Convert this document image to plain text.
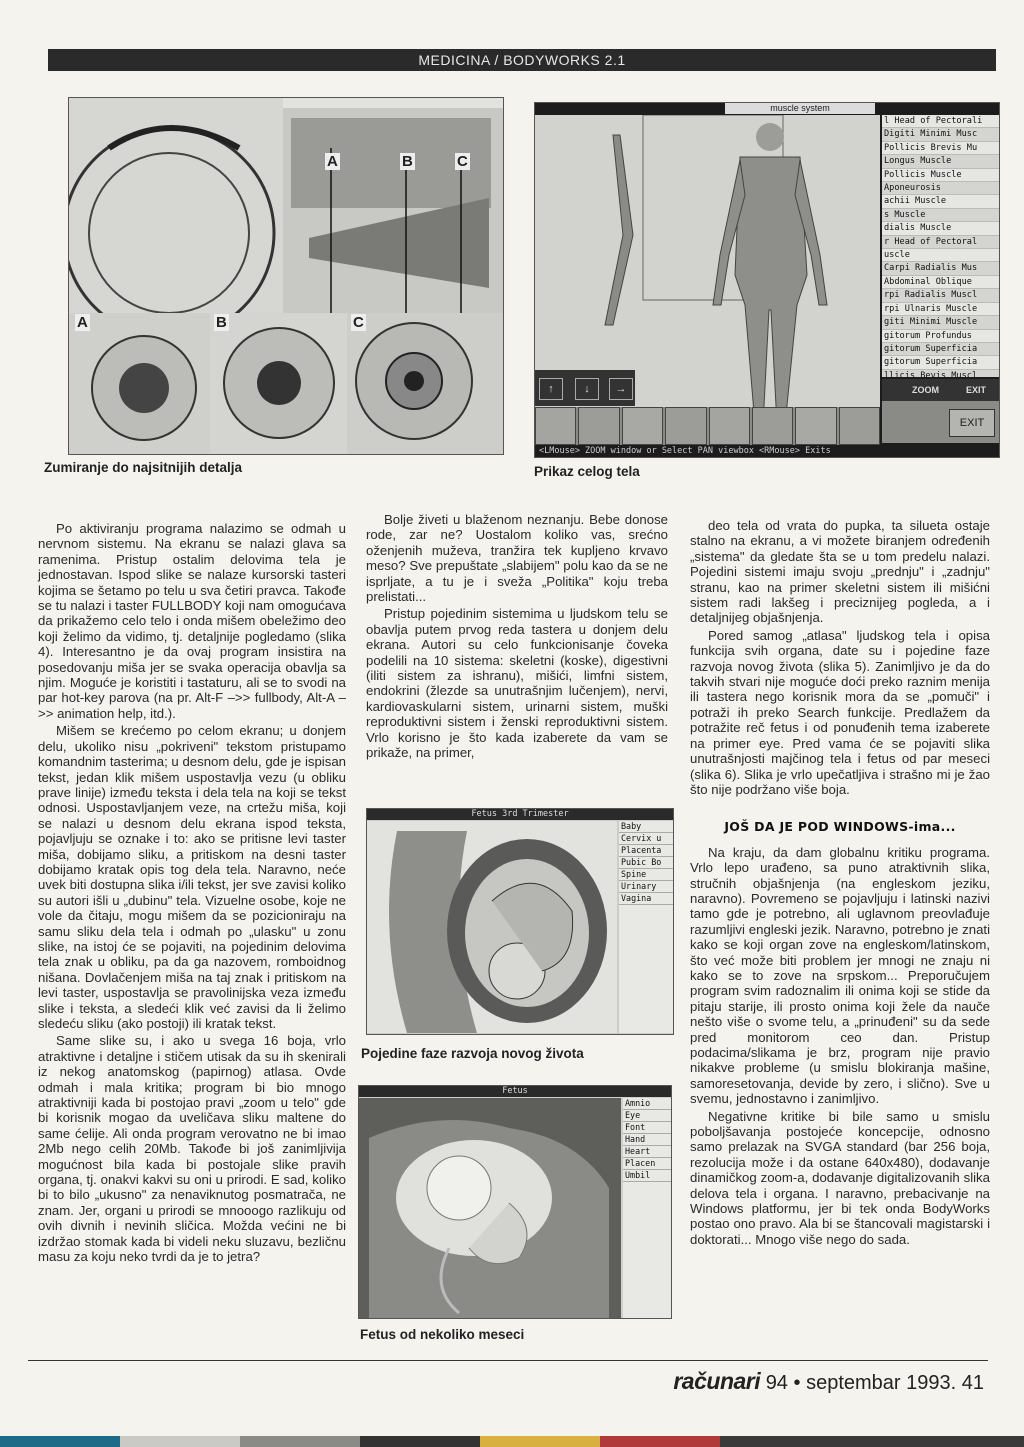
MEDICINA / BODYWORKS 2.1
A	B	C
A	B	C
Zumiranje do najsitnijih detalja
muscle system
↑	↓	→
l Head of Pectorali
Digiti Minimi Musc
Pollicis Brevis Mu
Longus Muscle
Pollicis Muscle
Aponeurosis
achii Muscle
s Muscle
dialis Muscle
r Head of Pectoral
uscle
Carpi Radialis Mus
Abdominal Oblique
rpi Radialis Muscl
rpi Ulnaris Muscle
giti Minimi Muscle
gitorum Profundus
gitorum Superficia
gitorum Superficia
llicis Bevis Muscl
ZOOM	EXIT
EXIT
<LMouse> ZOOM window or Select PAN viewbox <RMouse> Exits
Prikaz celog tela

Po aktiviranju programa nalazimo se odmah u nervnom sistemu. Na ekranu se nalazi glava sa ramenima. Pristup ostalim delovima tela je jednostavan. Ispod slike se nalaze kursorski tasteri kojima se šetamo po telu u sva četiri pravca. Takođe se tu nalazi i taster FULLBODY koji nam omogućava da prikažemo celo telo i onda mišem obeležimo deo koji želimo da vidimo, tj. detaljnije pogledamo (slika 4). Interesantno je da ovaj program insistira na posedovanju miša jer se svaka operacija obavlja sa njim. Moguće je koristiti i tastaturu, ali se to svodi na par hot-key parova (na pr. Alt-F –>> fullbody, Alt-A –>> animation help, itd.).

Mišem se krećemo po celom ekranu; u donjem delu, ukoliko nisu „pokriveni" tekstom pristupamo komandnim tasterima; u desnom delu, gde je ispisan tekst, jedan klik mišem uspostavlja vezu (u obliku prave linije) između teksta i dela tela na koji se tekst odnosi. Uspostavljanjem veze, na crtežu miša, koji se nalazi u desnom delu ekrana ispod teksta, pojavljuju se oznake i to: ako se pritisne levi taster miša, dobijamo sliku, a pritiskom na desni taster dobijamo kratak opis tog dela tela. Naravno, neće uvek biti dostupna slika i/ili tekst, jer sve zavisi koliko su autori išli u „dubinu" tela. Vizuelne osobe, koje ne vole da čitaju, mogu mišem da se pozicioniraju na samu sliku dela tela i odmah po „ulasku" u zonu slike, na istoj će se pojaviti, na pojedinim delovima tela znak u obliku, pa da ga nazovem, romboidnog nišana. Dovlačenjem miša na taj znak i pritiskom na levi taster, uspostavlja se pravolinijska veza između slike i teksta, a sledeći klik već zavisi da li želimo sledeću sliku (ako postoji) ili kratak tekst.

Same slike su, i ako u svega 16 boja, vrlo atraktivne i detaljne i stičem utisak da su ih skenirali iz nekog anatomskog (papirnog) atlasa. Ovde odmah i mala kritika; program bi bio mnogo atraktivniji kada bi postojao pravi „zoom u telo" gde bi korisnik mogao da uveličava sliku maltene do same ćelije. Ali onda program verovatno ne bi imao 2Mb nego celih 20Mb. Takođe bi još zanimljivija mogućnost bila kada bi postojale slike pravih organa, tj. onakvi kakvi su oni u prirodi. E sad, koliko bi to bilo „ukusno" za nenaviknutog posmatrača, ne znam. Jer, organi u prirodi se mnooogo razlikuju od ovih divnih i nevinih sličica. Možda većini ne bi izdržao stomak kada bi videli neku sluzavu, bezličnu masu za koju neko tvrdi da je to jetra?

Bolje živeti u blaženom neznanju. Bebe donose rode, zar ne? Uostalom koliko vas, srećno oženjenih muževa, tranžira tek kupljeno krvavo meso? Sve prepuštate „slabijem" polu kao da se ne isprljate, a tu je i sveža „Politika" koju treba prelistati...

Pristup pojedinim sistemima u ljudskom telu se obavlja putem prvog reda tastera u donjem delu ekrana. Autori su celo funkcionisanje čoveka podelili na 10 sistema: skeletni (koske), digestivni (iliti sistem za ishranu), mišići, limfni sistem, endokrini (žlezde sa unutrašnjim lučenjem), nervi, kardiovaskularni sistem, urinarni sistem, muški reproduktivni sistem i ženski reproduktivni sistem. Vrlo korisno je što kada izaberete da vam se prikaže, na primer,

Fetus 3rd Trimester
Baby
Cervix u
Placenta
Pubic Bo
Spine
Urinary
Vagina
Pojedine faze razvoja novog života
Fetus
Amnio
Eye
Font
Hand
Heart
Placen
Umbil
Fetus od nekoliko meseci

deo tela od vrata do pupka, ta silueta ostaje stalno na ekranu, a vi možete biranjem određenih „sistema" da gledate šta se u tom predelu nalazi. Pojedini sistemi imaju svoju „prednju" i „zadnju" stranu, kao na primer skeletni sistem ili mišićni sistem radi lakšeg i preciznijeg pogleda, a i detaljnijeg objašnjenja.

Pored samog „atlasa" ljudskog tela i opisa funkcija svih organa, date su i pojedine faze razvoja novog života (slika 5). Zanimljivo je da do takvih stvari nije moguće doći preko raznim menija ili tastera nego korisnik mora da se „pomuči" i potraži ih preko Search funkcije. Predlažem da potražite reč fetus i od ponuđenih tema izaberete na primer eye. Pred vama će se pojaviti slika unutrašnjosti majčinog tela i fetus od par meseci (slika 6). Slika je vrlo upečatljiva i strašno mi je žao što nije podržano više boja.

JOŠ DA JE POD WINDOWS-ima...

Na kraju, da dam globalnu kritiku programa. Vrlo lepo urađeno, sa puno atraktivnih slika, stručnih objašnjenja (na engleskom jeziku, naravno). Povremeno se pojavljuju i latinski nazivi tamo gde je potrebno, ali uglavnom preovlađuje razumljivi engleski jezik. Naravno, potrebno je znati kako se koji organ zove na engleskom/latinskom, što već može biti problem jer mnogi ne znaju ni kako se to zove na srpskom... Preporučujem program svim radoznalim ili onima koji se stide da pitaju starije, ili prosto onima koji žele da nauče nešto više o svome telu, a „prinuđeni" su da sede pred monitorom ceo dan. Pristup podacima/slikama je brz, program nije pravio nikakve probleme (u smislu blokiranja mašine, samoresetovanja, devide by zero, i slično). Sve u svemu, jednostavno i zanimljivo.

Negativne kritike bi bile samo u smislu poboljšavanja postojeće koncepcije, odnosno samo prelazak na SVGA standard (bar 256 boja, rezolucija može i da ostane 640x480), dodavanje dinamičkog zoom-a, dodavanje digitalizovanih slika delova tela i organa. I naravno, prebacivanje na Windows platformu, jer bi tek onda BodyWorks postao ono pravo. Ala bi se štancovali magistarski i doktorati... Mnogo više nego do sada.

računari 94 • septembar 1993. 41
